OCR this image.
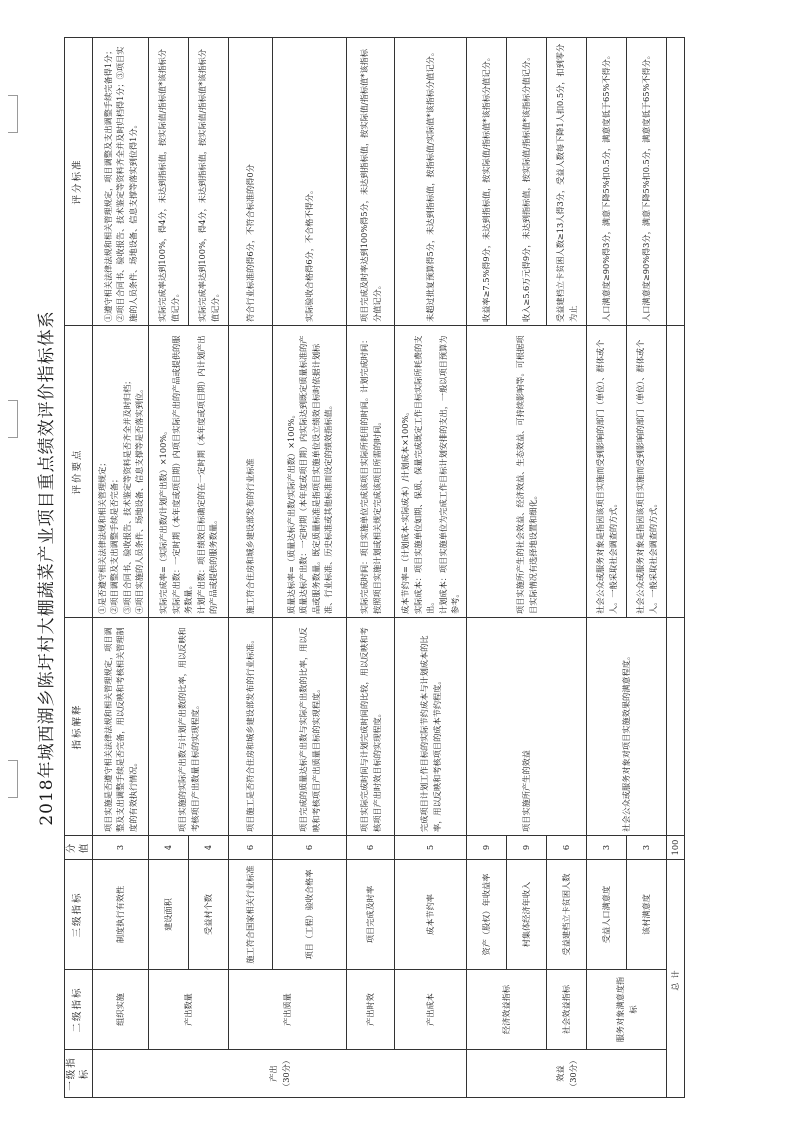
2018年城西湖乡陈圩村大棚蔬菜产业项目重点绩效评价指标体系
一级指标	二级指标	三级指标	分值	指标解释	评价要点	评分标准
产出
（30分）	组织实施	制度执行有效性	3	项目实施是否遵守相关法律法规和相关管理规定，项目调整及支出调整手续是否完备，用以反映和考核相关管理制度的有效执行情况。	①是否遵守相关法律法规和相关管理规定；
②项目调整及支出调整手续是否完备；
③项目合同书、验收报告、技术鉴定等资料是否齐全并及时归档；
④项目实施的人员条件、场地设备、信息支撑等是否落实到位。	①遵守相关法律法规和相关管理规定，项目调整及支出调整手续完备得1分；②项目合同书、验收报告、技术鉴定等资料齐全并及时归档得1分；③项目实施的人员条件、场地设备、信息支撑等落实到位得1分。
	产出数量	建设面积	4	项目实施的实际产出数与计划产出数的比率，用以反映和考核项目产出数量目标的实现程度。	实际完成率=（实际产出数/计划产出数）×100%。
实际产出数：一定时期（本年度或项目期）内项目实际产出的产品或提供的服务数量。
计划产出数：项目绩效目标确定的在一定时期（本年度或项目期）内计划产出的产品或提供的服务数量。	实际完成率达到100%，得4分，未达到指标值，按实际值/指标值*该指标分值记分。
		受益村个数	4			实际完成率达到100%，得4分，未达到指标值，按实际值/指标值*该指标分值记分。
	产出质量	施工符合国家相关行业标准	6	项目施工是否符合住房和城乡建设部发布的行业标准。	施工符合住房和城乡建设部发布的行业标准	符合行业标准的得6分，不符合标准的得0分
		项目（工程）验收合格率	6	项目完成的质量达标产出数与实际产出数的比率，用以反映和考核项目产出质量目标的实现程度。	质量达标率=（质量达标产出数/实际产出数）×100%。
质量达标产出数：一定时期（本年度或项目期）内实际达到既定质量标准的产品或服务数量。既定质量标准是指项目实施单位设立绩效目标时依据计划标准、行业标准、历史标准或其他标准而设定的绩效指标值。	实际验收合格得6分，不合格不得分。
	产出时效	项目完成及时率	6	项目实际完成时间与计划完成时间的比较，用以反映和考核项目产出时效目标的实现程度。	实际完成时间：项目实施单位完成该项目实际所耗用的时间。计划完成时间：按照项目实施计划或相关规定完成该项目所需的时间。	项目完成及时率达到100%得5分，未达到指标值，按实际值/指标值*该指标分值记分。
	产出成本	成本节约率	5	完成项目计划工作目标的实际节约成本与计划成本的比率，用以反映和考核项目的成本节约程度。	成本节约率=（计划成本-实际成本）/计划成本×100%。
实际成本：项目实施单位如期、保质、保量完成既定工作目标实际所耗费的支出。
计划成本：项目实施单位为完成工作目标计划安排的支出，一般以项目预算为参考。	未超过批复预算得5分，未达到指标值，按指标值/实际值*该指标分值记分。
效益
（30分）	经济效益指标	资产（股权）年收益率	9	项目实施所产生的效益	项目实施所产生的社会效益、经济效益、生态效益、可持续影响等。可根据项目实际情况有选择地设置和细化。	收益率≥7.5%得9分，未达到指标值，按实际值/指标值*该指标分值记分。
		村集体经济年收入	9			收入≥5.6万元得9分，未达到指标值，按实际值/指标值*该指标分值记分。
	社会效益指标	受益建档立卡贫困人数	6			受益建档立卡贫困人数≥13人得3分，受益人数每下降1人扣0.5分，扣到零分为止
	服务对象满意度指标	受益人口满意度	3	社会公众或服务对象对项目实施效果的满意程度。	社会公众或服务对象是指因该项目实施而受到影响的部门（单位）、群体或个人。一般采取社会调查的方式。	人口满意度≥90%得3分，满意下降5%扣0.5分，满意度低于65%不得分。
		该村满意度	3		社会公众或服务对象是指因该项目实施而受到影响的部门（单位）、群体或个人。一般采取社会调查的方式。	人口满意度≥90%得3分，满意下降5%扣0.5分，满意度低于65%不得分。
总计			100			
